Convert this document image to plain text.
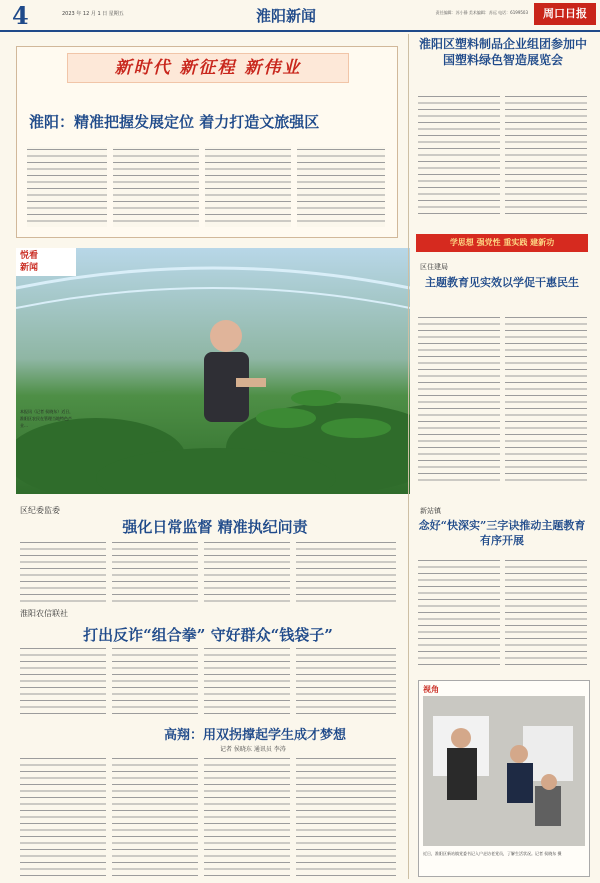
4	2023 年 12 月 1 日 星期五	淮阳新闻	责任编辑：苏小静 美术编辑：苏远 电话：6199503	周口日报
新时代 新征程 新伟业
淮阳：精准把握发展定位 着力打造文旅强区
悦看
新闻
本报讯（记者 侯晓东）近日，淮阳区农民在管理当地特色产业…
区纪委监委
强化日常监督 精准执纪问责
淮阳农信联社
打出反诈“组合拳” 守好群众“钱袋子”
高翔：用双拐撑起学生成才梦想
记者 侯晓东 通讯员 李涛
淮阳区塑料制品企业组团参加中国塑料绿色智造展览会
学思想 强党性 重实践 建新功
区住建局
主题教育见实效以学促干惠民生
新站镇
念好“快深实”三字诀推动主题教育有序开展
视角
近日，淮阳区新站镇党委书记入户走访老党员，了解生活状况。记者 侯晓东 摄
